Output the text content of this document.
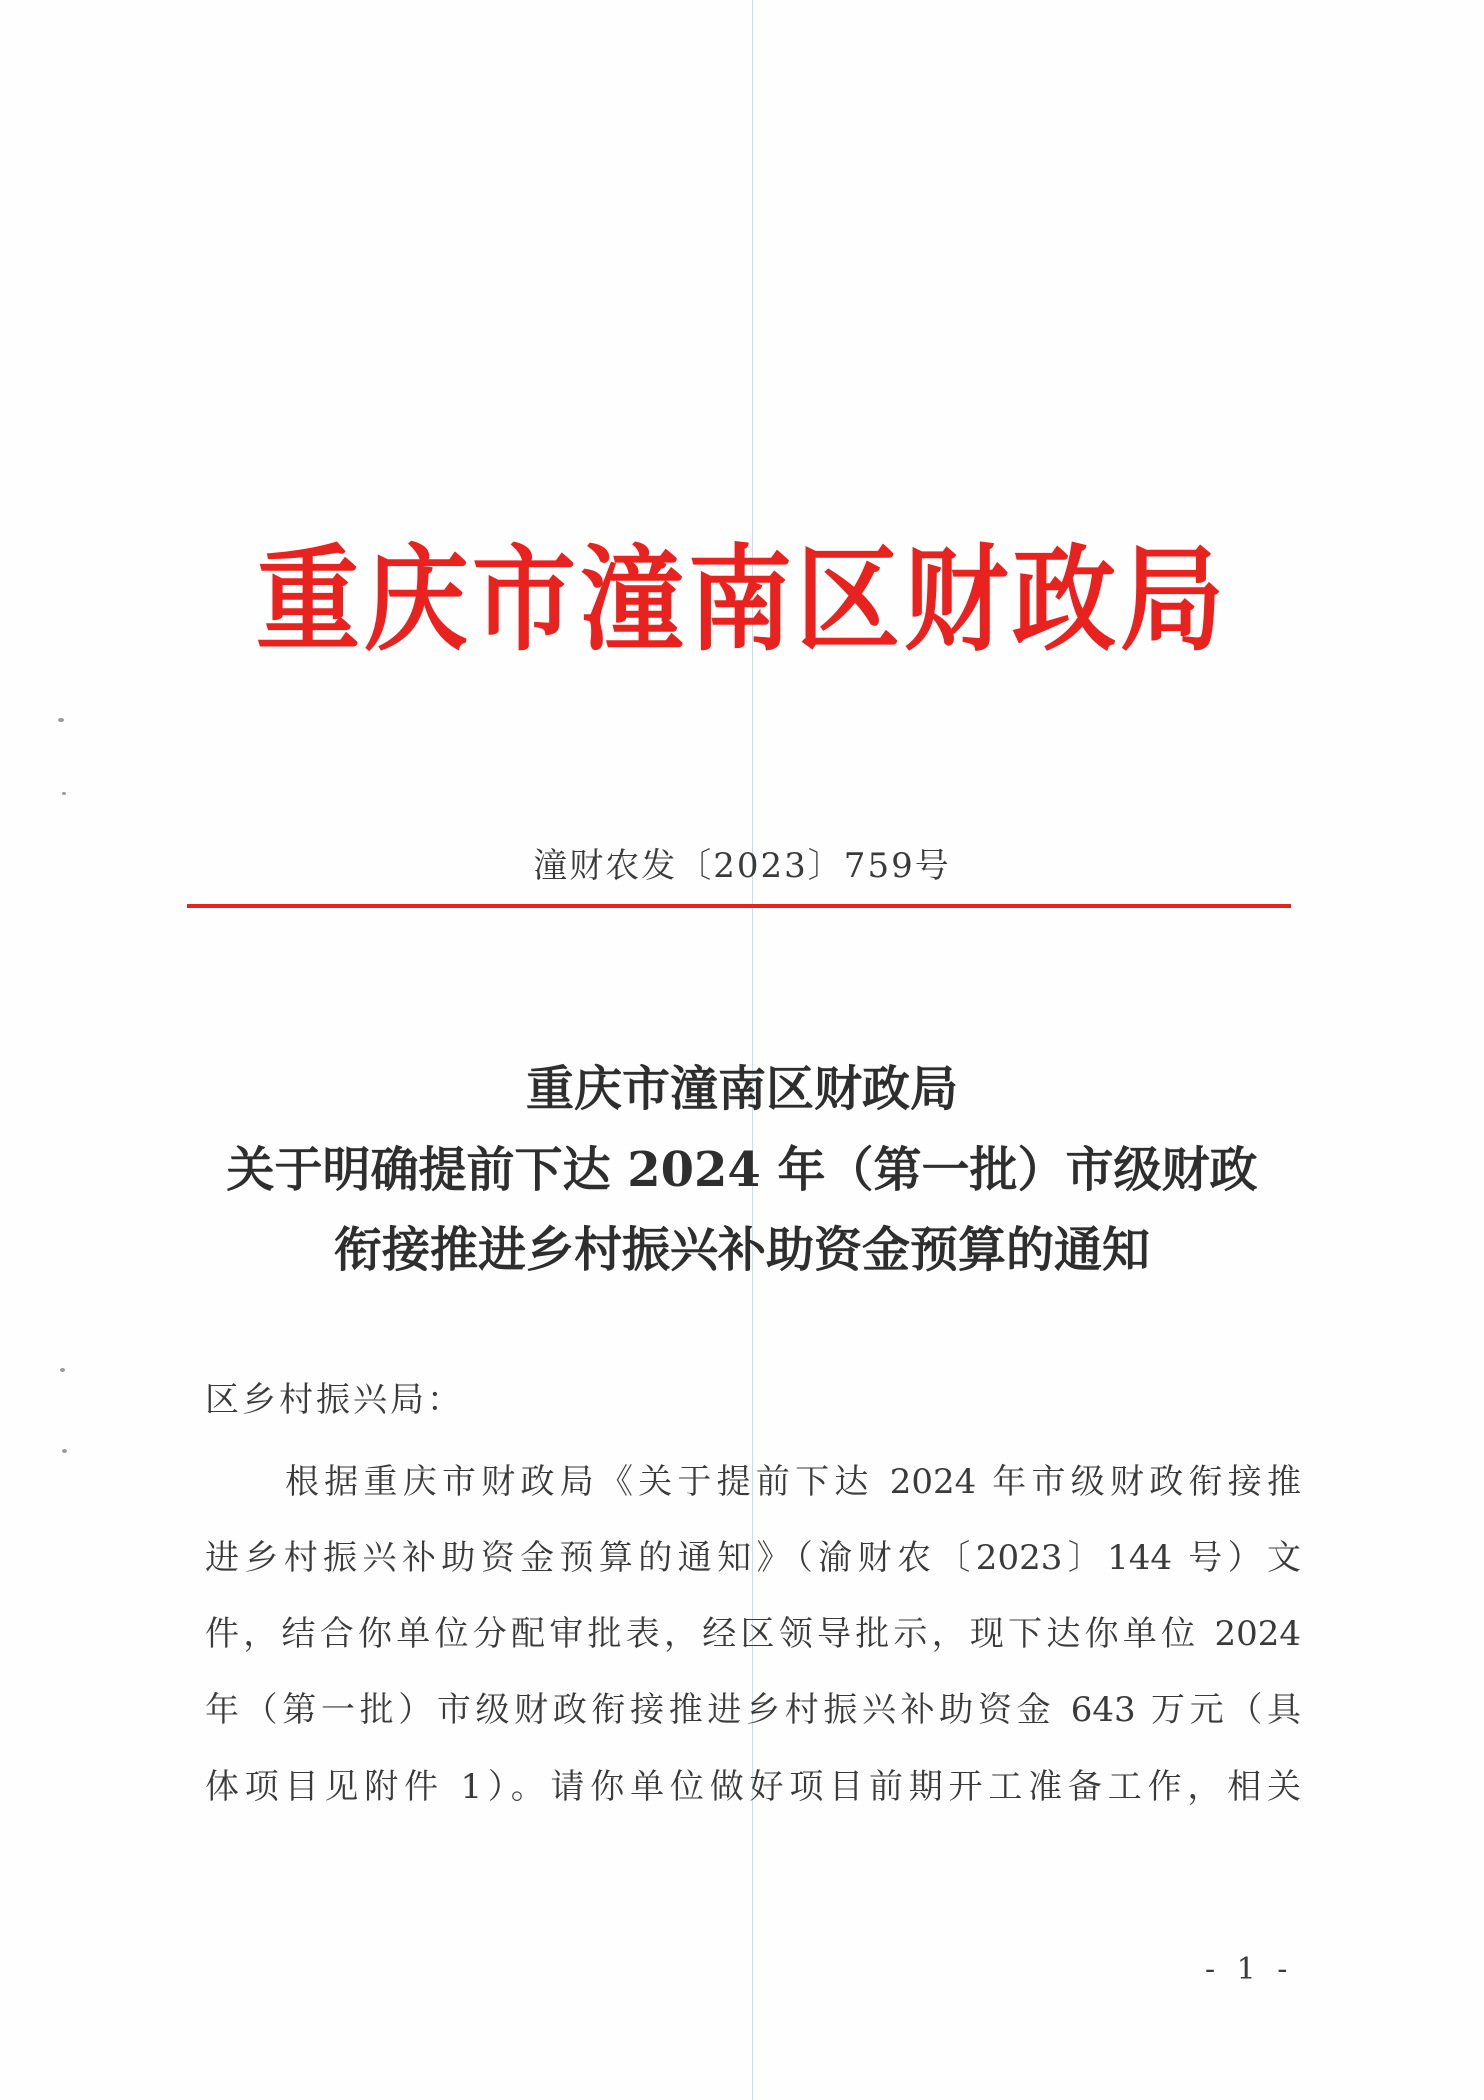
重庆市潼南区财政局
潼财农发〔2023〕759号
重庆市潼南区财政局
关于明确提前下达 2024 年（第一批）市级财政
衔接推进乡村振兴补助资金预算的通知
区乡村振兴局：
根据重庆市财政局《关于提前下达 2024 年市级财政衔接推
进乡村振兴补助资金预算的通知》（渝财农〔2023〕144 号）文
件，结合你单位分配审批表，经区领导批示，现下达你单位 2024
年（第一批）市级财政衔接推进乡村振兴补助资金 643 万元（具
体项目见附件 1）。请你单位做好项目前期开工准备工作，相关
- 1 -
